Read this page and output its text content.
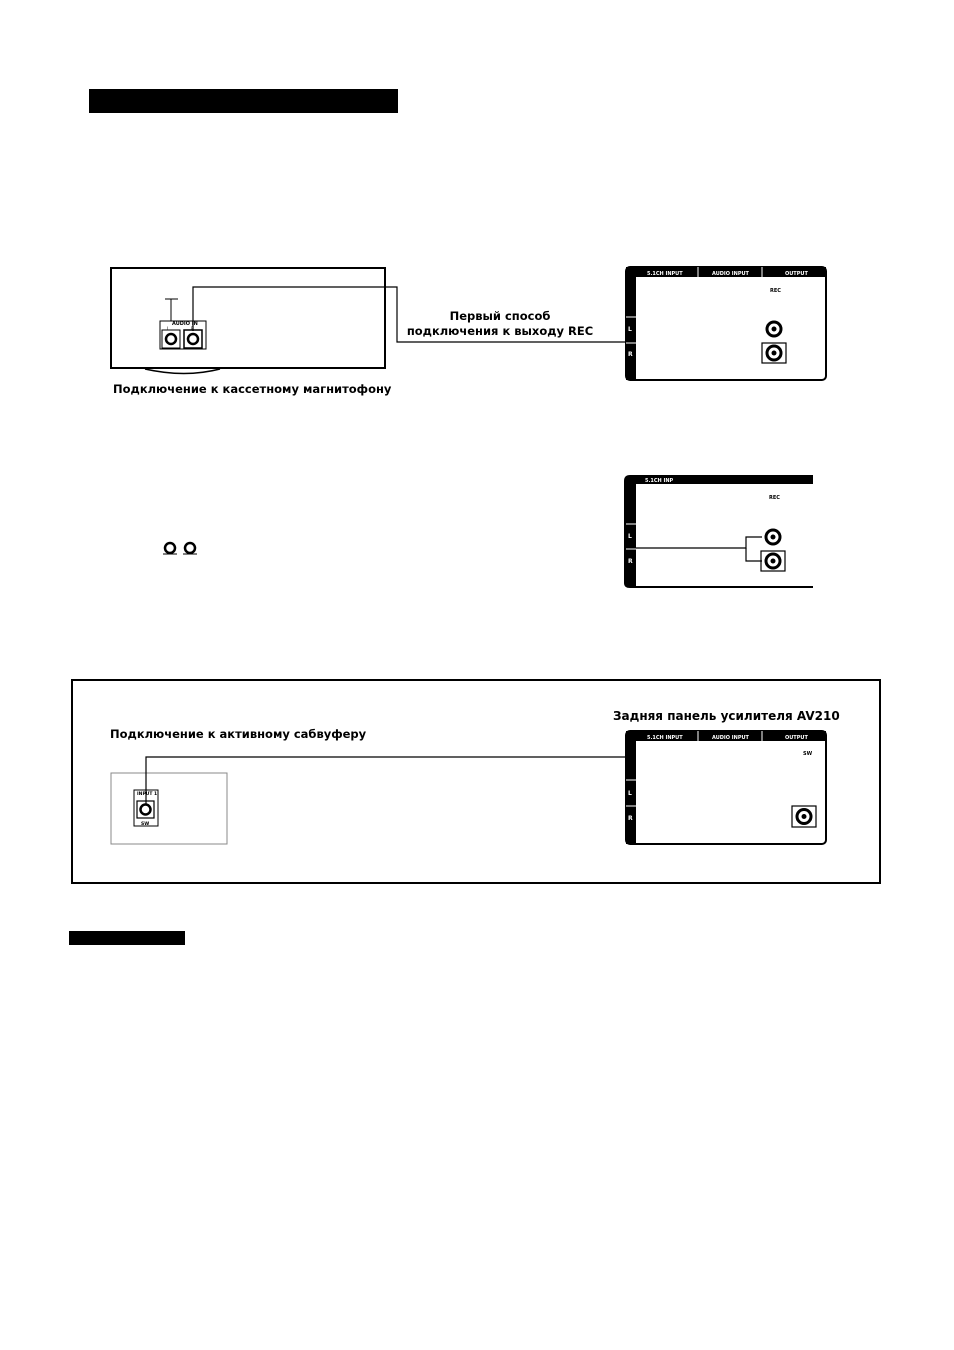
AUDIO IN
L	R
5.1CH INPUT	AUDIO INPUT	OUTPUT
REC
L
R
5.1CH INP
REC
L
R
Первый способ
подключения к выходу REC
Подключение к кассетному магнитофону
INPUT 1
SW
5.1CH INPUT	AUDIO INPUT	OUTPUT
SW
L
R
Задняя панель усилителя AV210
Подключение к активному сабвуферу
